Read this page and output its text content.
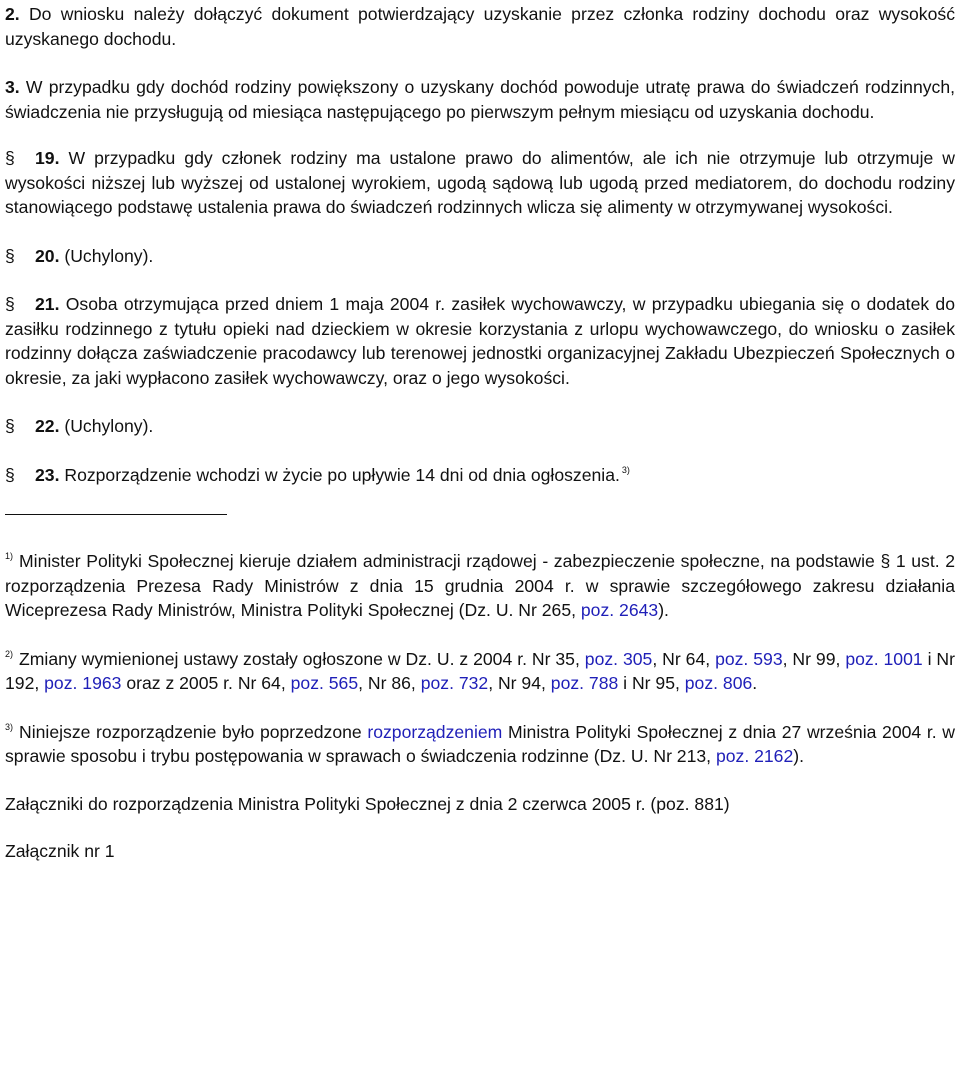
2. Do wniosku należy dołączyć dokument potwierdzający uzyskanie przez członka rodziny dochodu oraz wysokość uzyskanego dochodu.

3. W przypadku gdy dochód rodziny powiększony o uzyskany dochód powoduje utratę prawa do świadczeń rodzinnych, świadczenia nie przysługują od miesiąca następującego po pierwszym pełnym miesiącu od uzyskania dochodu.

§ 19. W przypadku gdy członek rodziny ma ustalone prawo do alimentów, ale ich nie otrzymuje lub otrzymuje w wysokości niższej lub wyższej od ustalonej wyrokiem, ugodą sądową lub ugodą przed mediatorem, do dochodu rodziny stanowiącego podstawę ustalenia prawa do świadczeń rodzinnych wlicza się alimenty w otrzymywanej wysokości.

§ 20. (Uchylony).

§ 21. Osoba otrzymująca przed dniem 1 maja 2004 r. zasiłek wychowawczy, w przypadku ubiegania się o dodatek do zasiłku rodzinnego z tytułu opieki nad dzieckiem w okresie korzystania z urlopu wychowawczego, do wniosku o zasiłek rodzinny dołącza zaświadczenie pracodawcy lub terenowej jednostki organizacyjnej Zakładu Ubezpieczeń Społecznych o okresie, za jaki wypłacono zasiłek wychowawczy, oraz o jego wysokości.

§ 22. (Uchylony).

§ 23. Rozporządzenie wchodzi w życie po upływie 14 dni od dnia ogłoszenia. $^{3)}$

$^{1)}$ Minister Polityki Społecznej kieruje działem administracji rządowej - zabezpieczenie społeczne, na podstawie § 1 ust. 2 rozporządzenia Prezesa Rady Ministrów z dnia 15 grudnia 2004 r. w sprawie szczegółowego zakresu działania Wiceprezesa Rady Ministrów, Ministra Polityki Społecznej (Dz. U. Nr 265, poz. 2643).

$^{2)}$ Zmiany wymienionej ustawy zostały ogłoszone w Dz. U. z 2004 r. Nr 35, poz. 305, Nr 64, poz. 593, Nr 99, poz. 1001 i Nr 192, poz. 1963 oraz z 2005 r. Nr 64, poz. 565, Nr 86, poz. 732, Nr 94, poz. 788 i Nr 95, poz. 806.

$^{3)}$ Niniejsze rozporządzenie było poprzedzone rozporządzeniem Ministra Polityki Społecznej z dnia 27 września 2004 r. w sprawie sposobu i trybu postępowania w sprawach o świadczenia rodzinne (Dz. U. Nr 213, poz. 2162).

Załączniki do rozporządzenia Ministra Polityki Społecznej z dnia 2 czerwca 2005 r. (poz. 881)

Załącznik nr 1
